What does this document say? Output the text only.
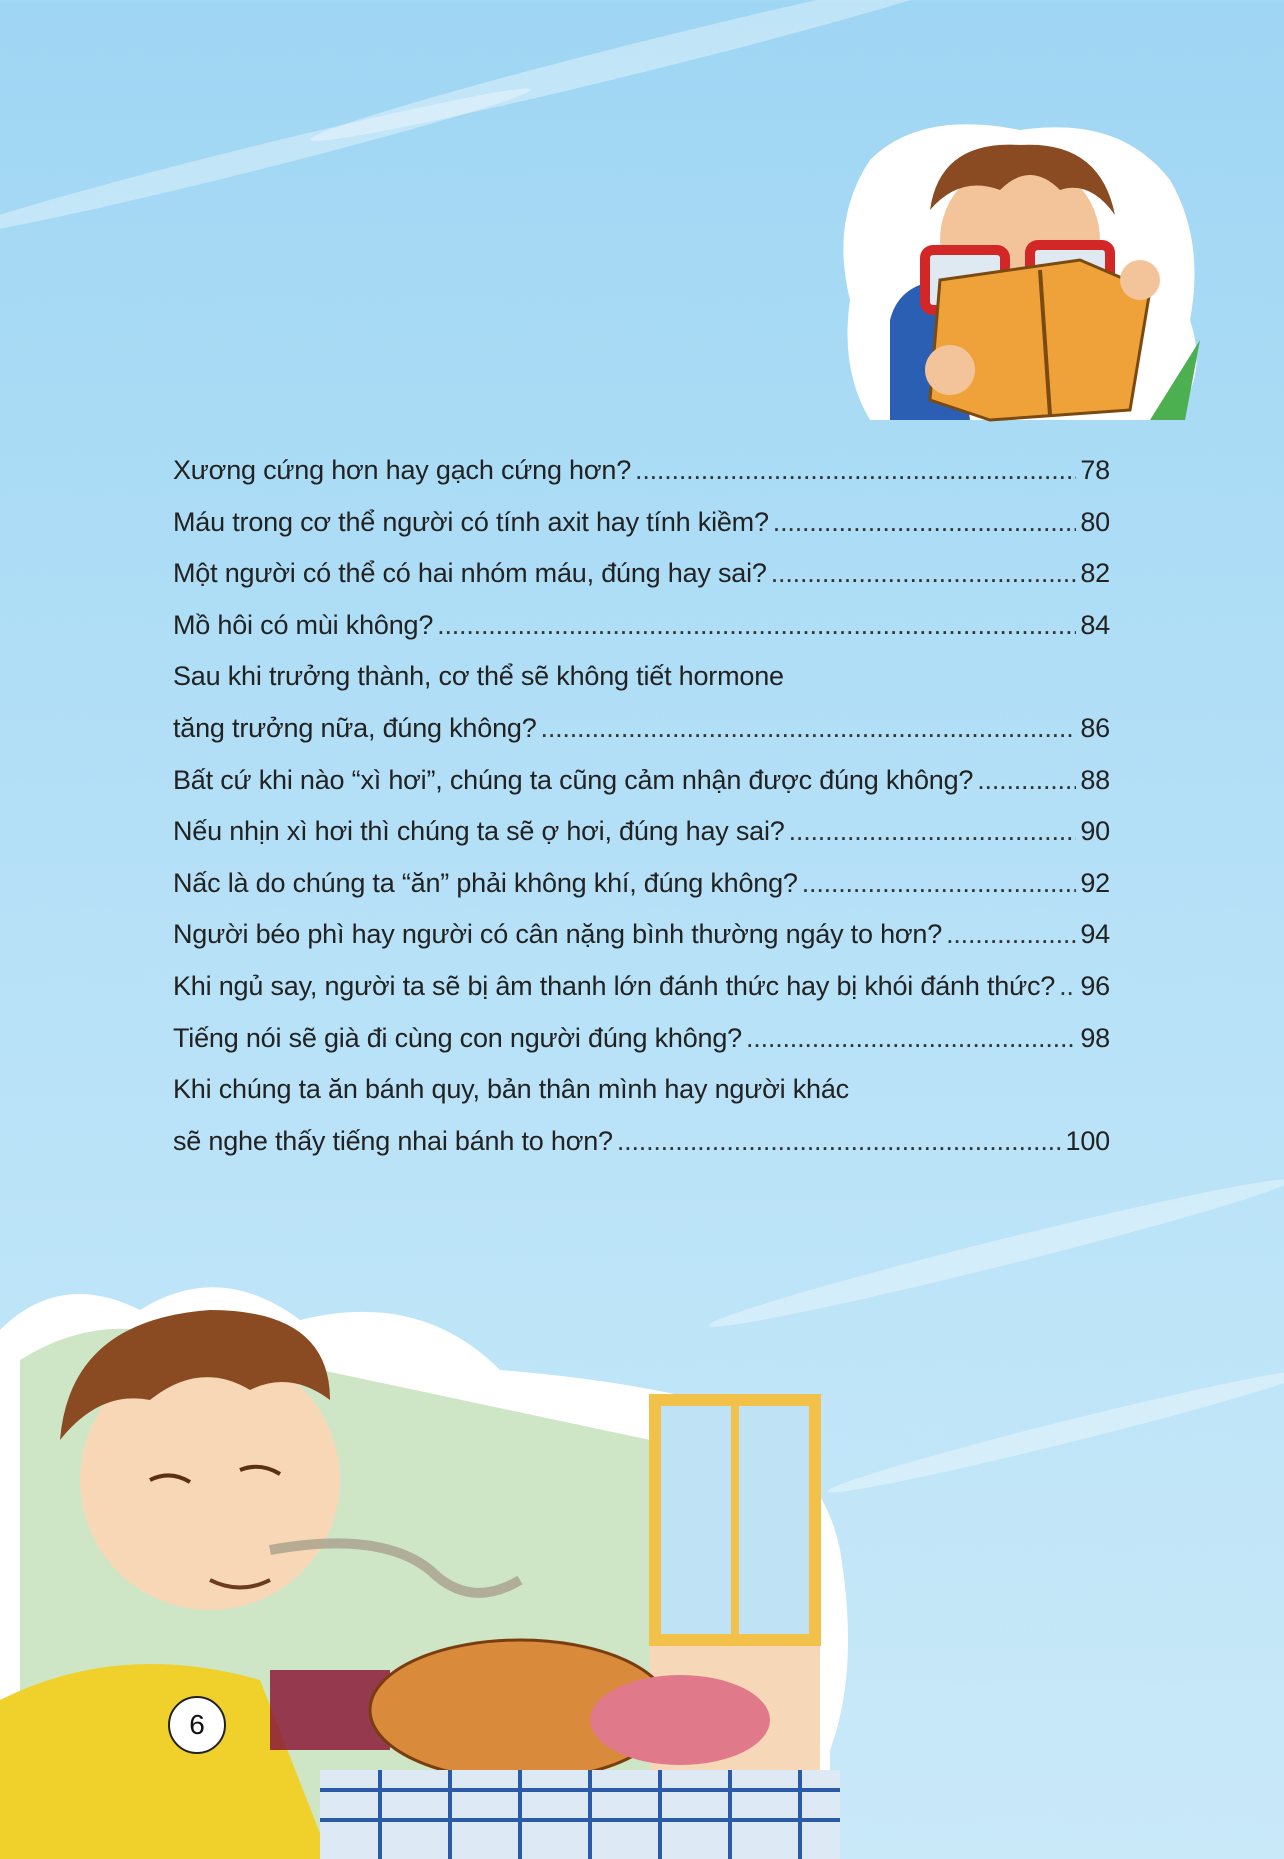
Xương cứng hơn hay gạch cứng hơn? .....	78
Máu trong cơ thể người có tính axit hay tính kiềm? .....	80
Một người có thể có hai nhóm máu, đúng hay sai? .....	82
Mồ hôi có mùi không? .....	84
Sau khi trưởng thành, cơ thể sẽ không tiết hormone
tăng trưởng nữa, đúng không? .....	86
Bất cứ khi nào “xì hơi”, chúng ta cũng cảm nhận được đúng không? .....	88
Nếu nhịn xì hơi thì chúng ta sẽ ợ hơi, đúng hay sai? .....	90
Nấc là do chúng ta “ăn” phải không khí, đúng không? .....	92
Người béo phì hay người có cân nặng bình thường ngáy to hơn? .....	94
Khi ngủ say, người ta sẽ bị âm thanh lớn đánh thức hay bị khói đánh thức? ..... 96
Tiếng nói sẽ già đi cùng con người đúng không? .....	98
Khi chúng ta ăn bánh quy, bản thân mình hay người khác
sẽ nghe thấy tiếng nhai bánh to hơn? .....	100
6
